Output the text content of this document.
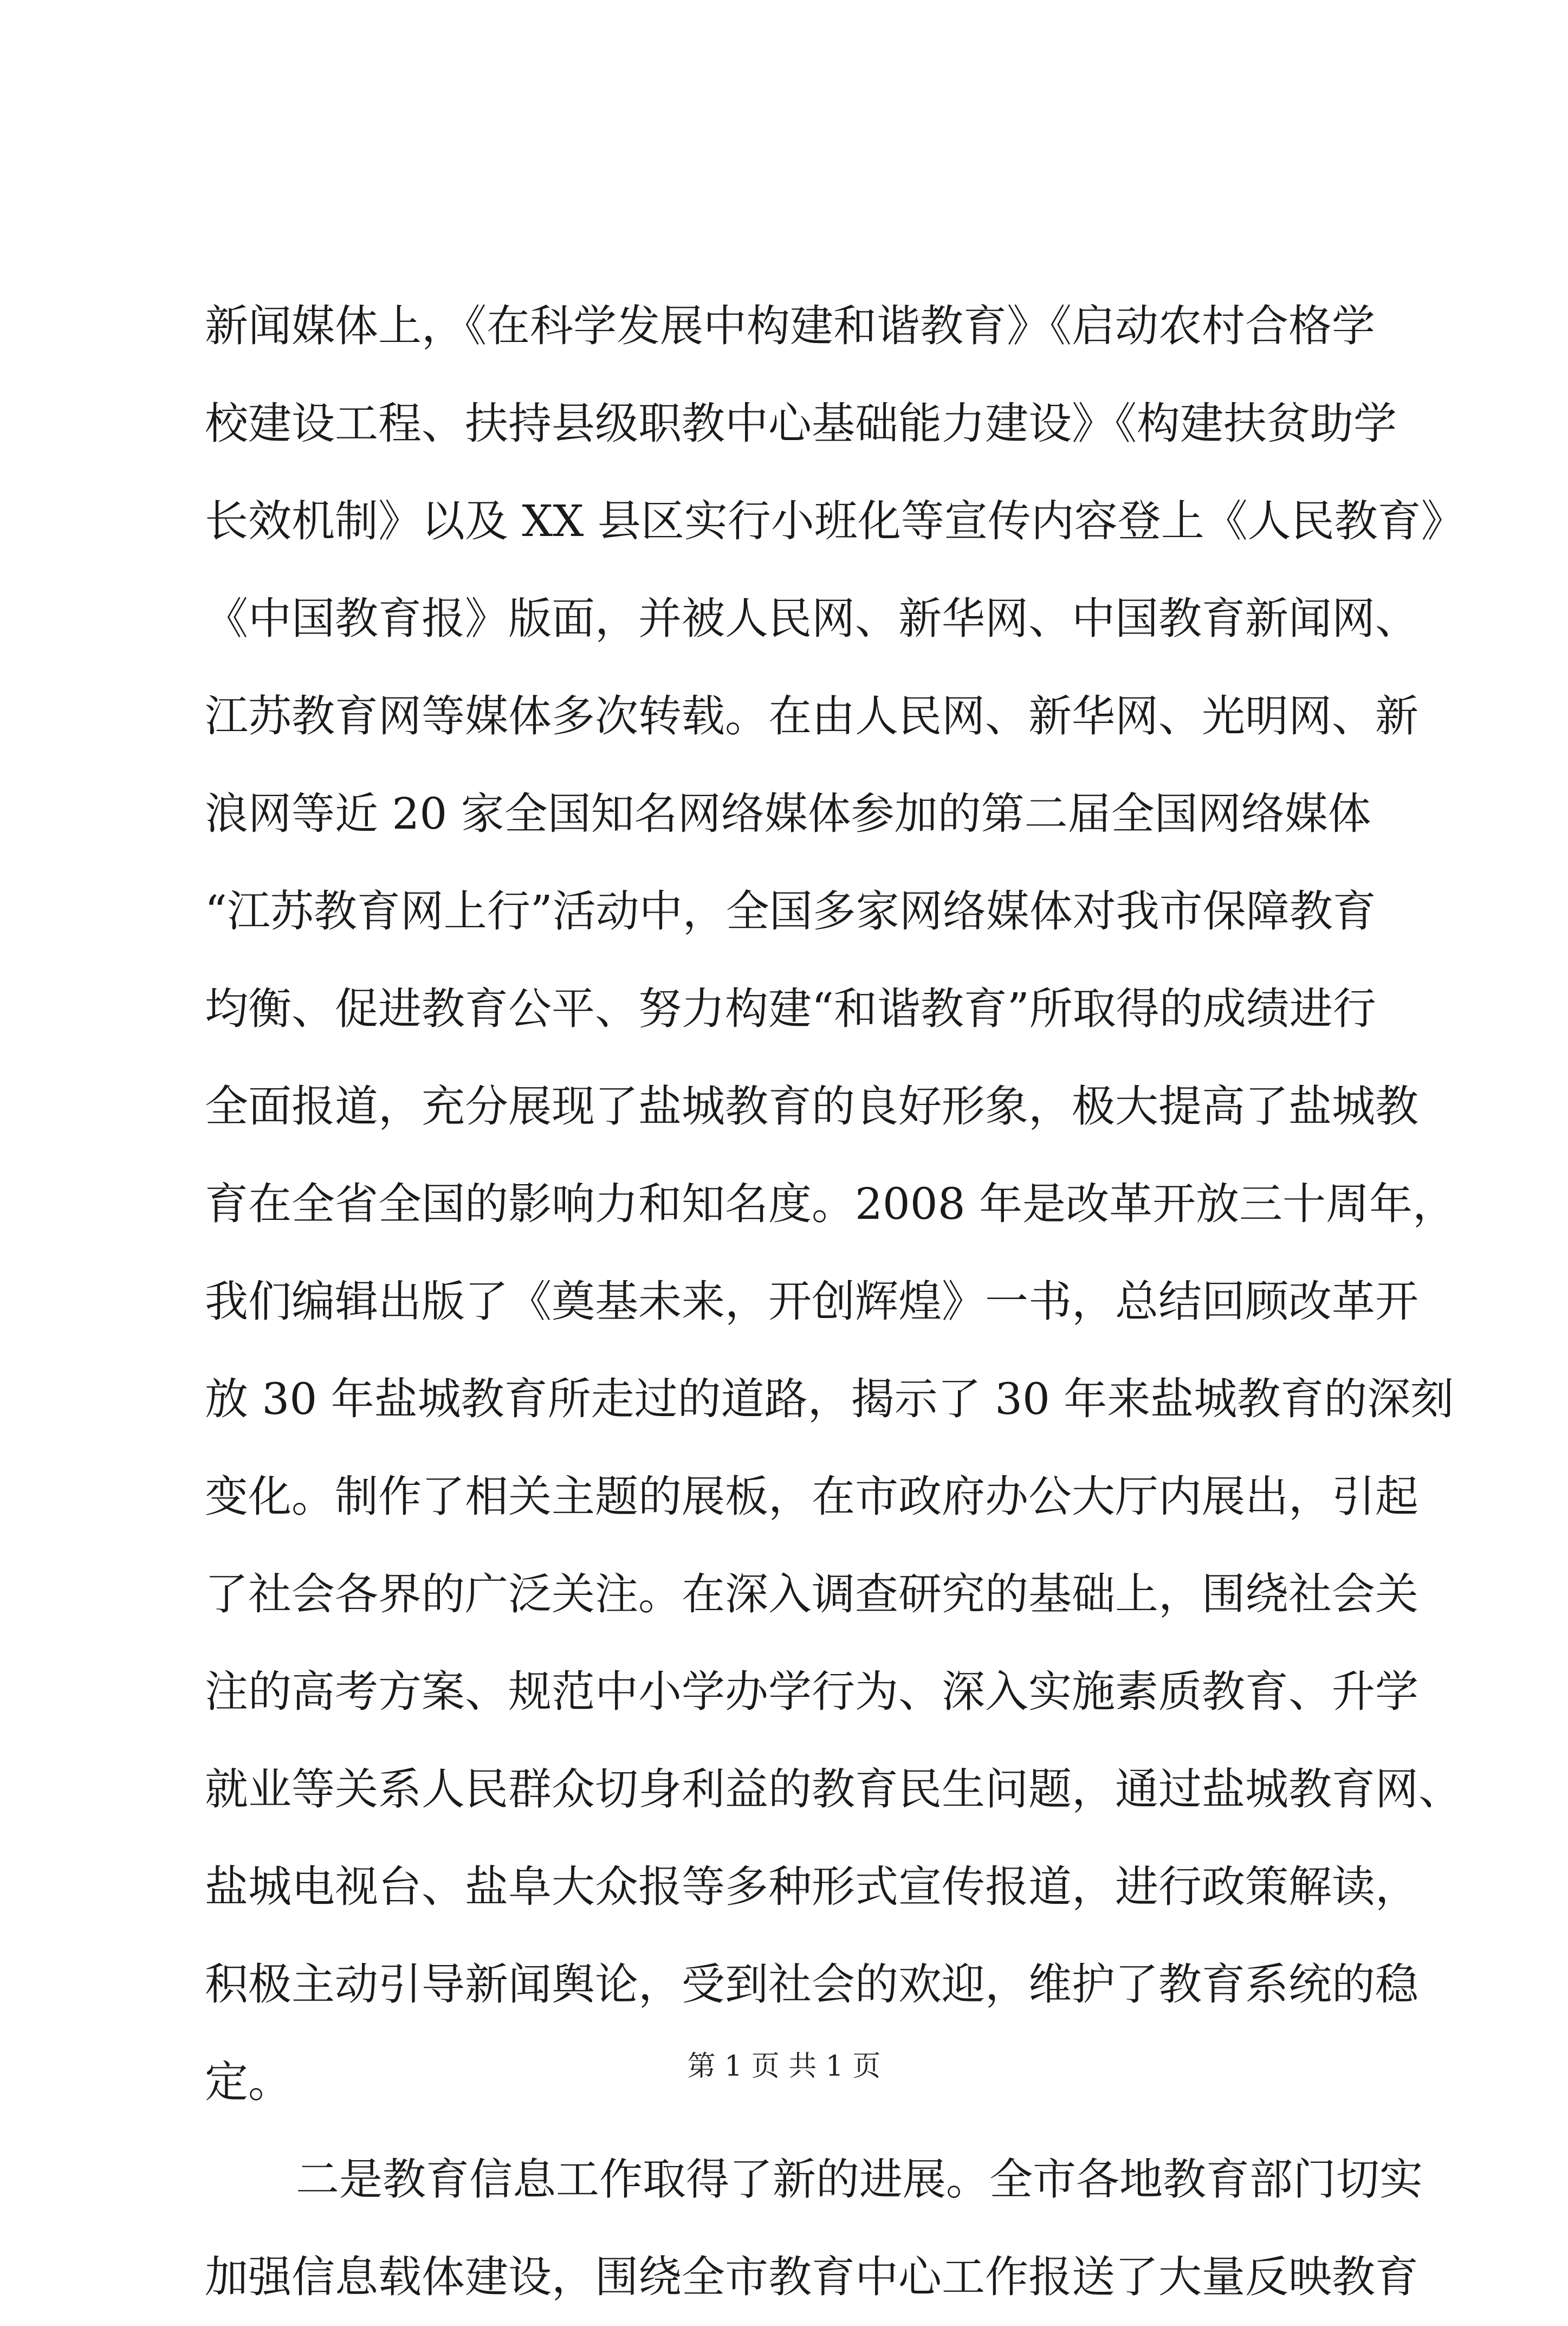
新闻媒体上，《在科学发展中构建和谐教育》《启动农村合格学
校建设工程、扶持县级职教中心基础能力建设》《构建扶贫助学
长效机制》以及 XX 县区实行小班化等宣传内容登上《人民教育》
《中国教育报》版面，并被人民网、新华网、中国教育新闻网、
江苏教育网等媒体多次转载。在由人民网、新华网、光明网、新
浪网等近 20 家全国知名网络媒体参加的第二届全国网络媒体
“江苏教育网上行”活动中，全国多家网络媒体对我市保障教育
均衡、促进教育公平、努力构建“和谐教育”所取得的成绩进行
全面报道，充分展现了盐城教育的良好形象，极大提高了盐城教
育在全省全国的影响力和知名度。2008 年是改革开放三十周年，
我们编辑出版了《奠基未来，开创辉煌》一书，总结回顾改革开
放 30 年盐城教育所走过的道路，揭示了 30 年来盐城教育的深刻
变化。制作了相关主题的展板，在市政府办公大厅内展出，引起
了社会各界的广泛关注。在深入调查研究的基础上，围绕社会关
注的高考方案、规范中小学办学行为、深入实施素质教育、升学
就业等关系人民群众切身利益的教育民生问题，通过盐城教育网、
盐城电视台、盐阜大众报等多种形式宣传报道，进行政策解读，
积极主动引导新闻舆论，受到社会的欢迎，维护了教育系统的稳
定。
二是教育信息工作取得了新的进展。全市各地教育部门切实
加强信息载体建设，围绕全市教育中心工作报送了大量反映教育
第 1 页 共 1 页
